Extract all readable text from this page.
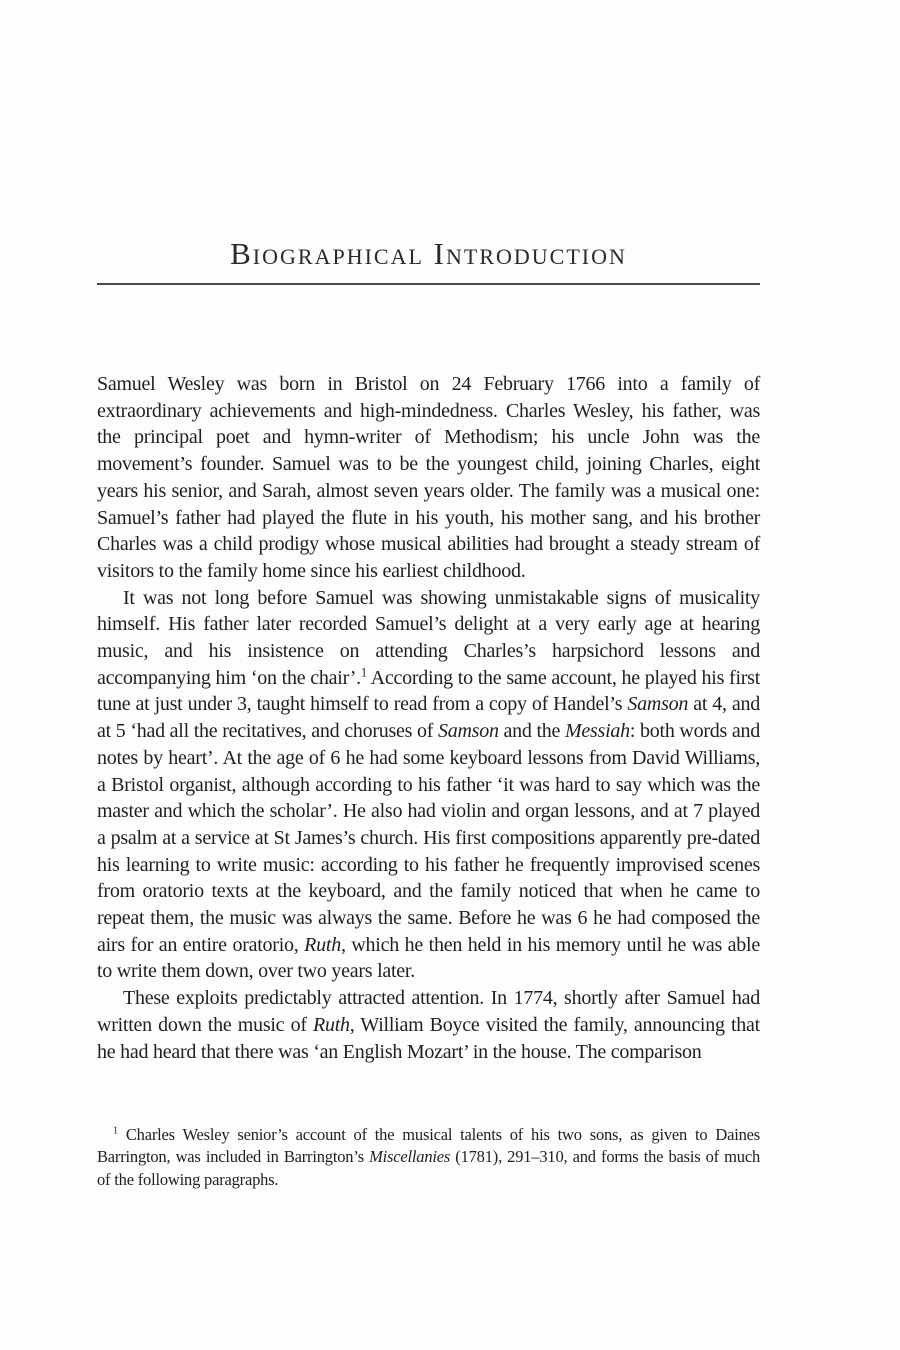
Biographical Introduction

Samuel Wesley was born in Bristol on 24 February 1766 into a family of extraordinary achievements and high-mindedness. Charles Wesley, his father, was the principal poet and hymn-writer of Methodism; his uncle John was the movement’s founder. Samuel was to be the youngest child, joining Charles, eight years his senior, and Sarah, almost seven years older. The family was a musical one: Samuel’s father had played the flute in his youth, his mother sang, and his brother Charles was a child prodigy whose musical abilities had brought a steady stream of visitors to the family home since his earliest childhood.

It was not long before Samuel was showing unmistakable signs of musicality himself. His father later recorded Samuel’s delight at a very early age at hearing music, and his insistence on attending Charles’s harpsichord lessons and accompanying him ‘on the chair’.$^1$ According to the same account, he played his first tune at just under 3, taught himself to read from a copy of Handel’s Samson at 4, and at 5 ‘had all the recitatives, and choruses of Samson and the Messiah: both words and notes by heart’. At the age of 6 he had some keyboard lessons from David Williams, a Bristol organist, although according to his father ‘it was hard to say which was the master and which the scholar’. He also had violin and organ lessons, and at 7 played a psalm at a service at St James’s church. His first compositions apparently pre-dated his learning to write music: according to his father he frequently improvised scenes from oratorio texts at the keyboard, and the family noticed that when he came to repeat them, the music was always the same. Before he was 6 he had composed the airs for an entire oratorio, Ruth, which he then held in his memory until he was able to write them down, over two years later.

These exploits predictably attracted attention. In 1774, shortly after Samuel had written down the music of Ruth, William Boyce visited the family, announcing that he had heard that there was ‘an English Mozart’ in the house. The comparison

$^1$ Charles Wesley senior’s account of the musical talents of his two sons, as given to Daines Barrington, was included in Barrington’s Miscellanies (1781), 291–310, and forms the basis of much of the following paragraphs.
